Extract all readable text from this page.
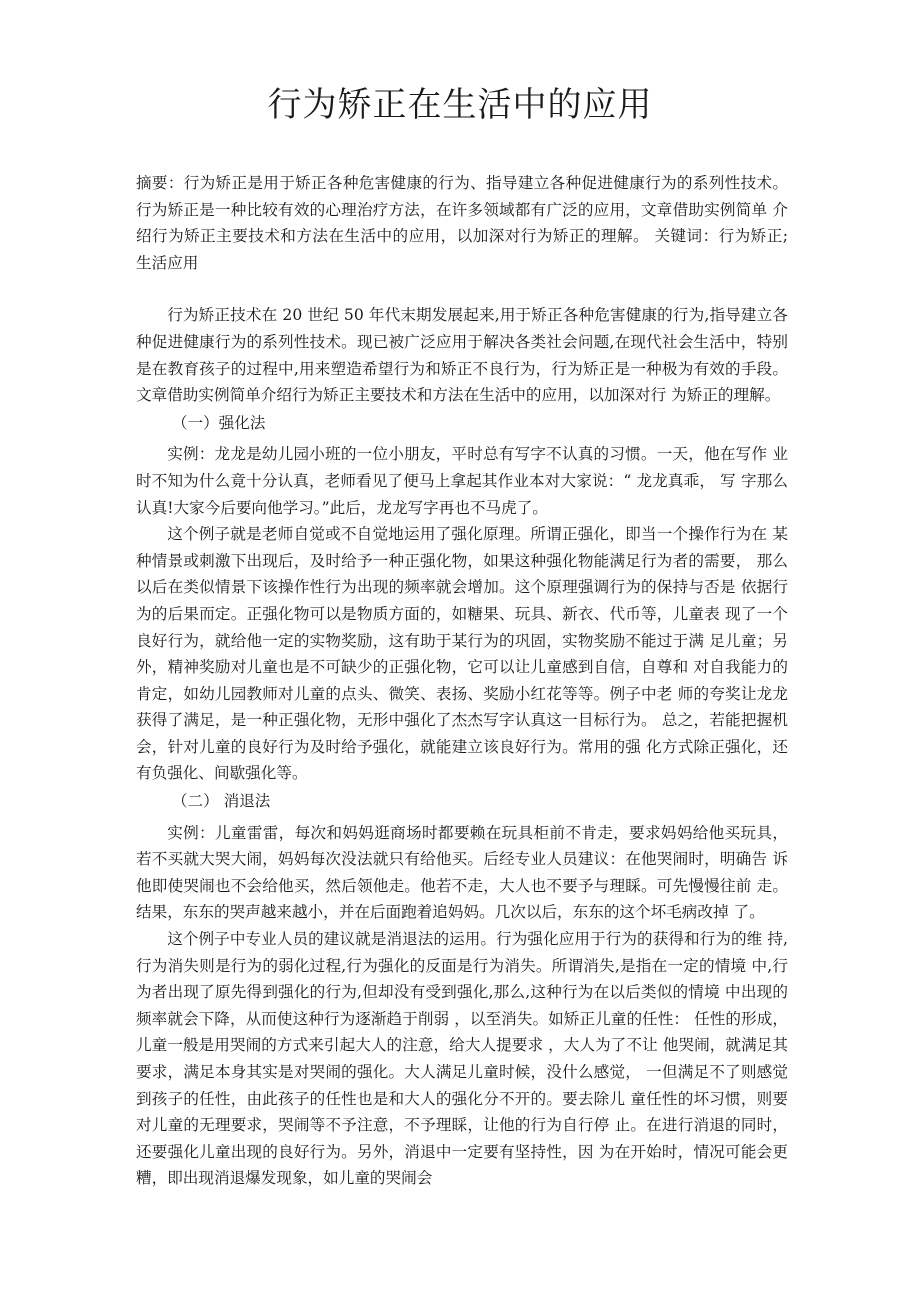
行为矫正在生活中的应用

摘要：行为矫正是用于矫正各种危害健康的行为、指导建立各种促进健康行为的系列性技术。 行为矫正是一种比较有效的心理治疗方法，在许多领域都有广泛的应用，文章借助实例简单 介绍行为矫正主要技术和方法在生活中的应用，以加深对行为矫正的理解。 关键词：行为矫正; 生活应用

行为矫正技术在 20 世纪 50 年代末期发展起来,用于矫正各种危害健康的行为,指导建立各种促进健康行为的系列性技术。现已被广泛应用于解决各类社会问题,在现代社会生活中，特别是在教育孩子的过程中,用来塑造希望行为和矫正不良行为，行为矫正是一种极为有效的手段。文章借助实例简单介绍行为矫正主要技术和方法在生活中的应用，以加深对行 为矫正的理解。

（一）强化法

实例：龙龙是幼儿园小班的一位小朋友，平时总有写字不认真的习惯。一天，他在写作 业时不知为什么竟十分认真，老师看见了便马上拿起其作业本对大家说：“ 龙龙真乖， 写 字那么认真!大家今后要向他学习。”此后，龙龙写字再也不马虎了。

这个例子就是老师自觉或不自觉地运用了强化原理。所谓正强化，即当一个操作行为在 某种情景或刺激下出现后，及时给予一种正强化物，如果这种强化物能满足行为者的需要， 那么以后在类似情景下该操作性行为出现的频率就会增加。这个原理强调行为的保持与否是 依据行为的后果而定。正强化物可以是物质方面的，如糖果、玩具、新衣、代币等，儿童表 现了一个良好行为，就给他一定的实物奖励，这有助于某行为的巩固，实物奖励不能过于满 足儿童；另外，精神奖励对儿童也是不可缺少的正强化物，它可以让儿童感到自信，自尊和 对自我能力的肯定，如幼儿园教师对儿童的点头、微笑、表扬、奖励小红花等等。例子中老 师的夸奖让龙龙获得了满足，是一种正强化物，无形中强化了杰杰写字认真这一目标行为。 总之，若能把握机会，针对儿童的良好行为及时给予强化，就能建立该良好行为。常用的强 化方式除正强化，还有负强化、间歇强化等。

（二） 消退法

实例：儿童雷雷，每次和妈妈逛商场时都要赖在玩具柜前不肯走，要求妈妈给他买玩具， 若不买就大哭大闹，妈妈每次没法就只有给他买。后经专业人员建议：在他哭闹时，明确告 诉他即使哭闹也不会给他买，然后领他走。他若不走，大人也不要予与理睬。可先慢慢往前 走。结果，东东的哭声越来越小，并在后面跑着追妈妈。几次以后，东东的这个坏毛病改掉 了。

这个例子中专业人员的建议就是消退法的运用。行为强化应用于行为的获得和行为的维 持,行为消失则是行为的弱化过程,行为强化的反面是行为消失。所谓消失,是指在一定的情境 中,行为者出现了原先得到强化的行为,但却没有受到强化,那么,这种行为在以后类似的情境 中出现的频率就会下降，从而使这种行为逐渐趋于削弱 ，以至消失。如矫正儿童的任性： 任性的形成，儿童一般是用哭闹的方式来引起大人的注意，给大人提要求 ，大人为了不让 他哭闹，就满足其要求，满足本身其实是对哭闹的强化。大人满足儿童时候，没什么感觉， 一但满足不了则感觉到孩子的任性，由此孩子的任性也是和大人的强化分不开的。要去除儿 童任性的坏习惯，则要对儿童的无理要求，哭闹等不予注意，不予理睬，让他的行为自行停 止。在进行消退的同时，还要强化儿童出现的良好行为。另外，消退中一定要有坚持性，因 为在开始时，情况可能会更糟，即出现消退爆发现象，如儿童的哭闹会
